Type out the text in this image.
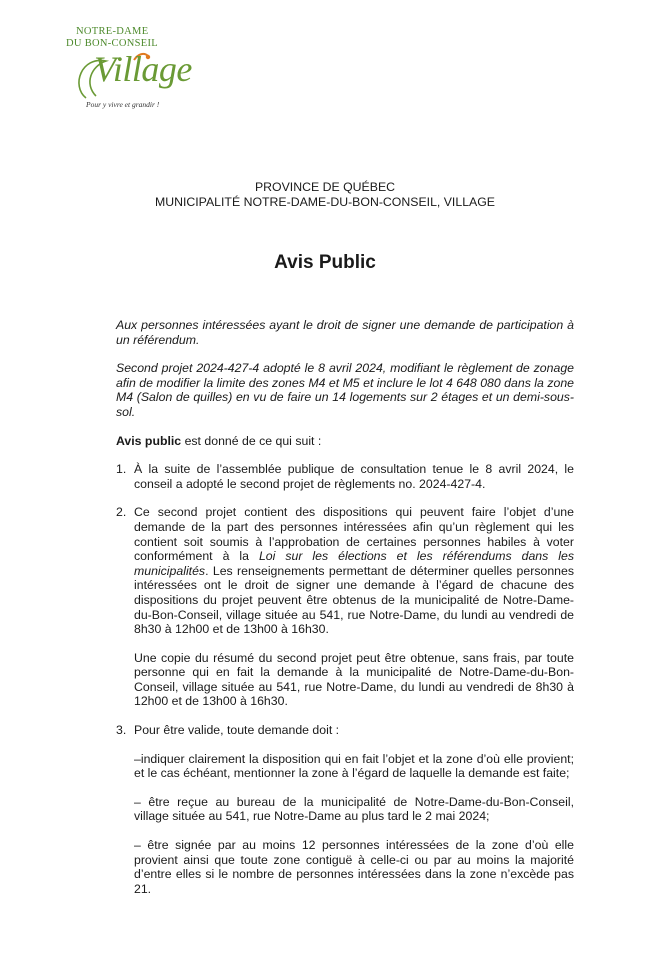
NOTRE-DAME
DU BON-CONSEIL
Village
Pour y vivre et grandir !
PROVINCE DE QUÉBEC
MUNICIPALITÉ NOTRE-DAME-DU-BON-CONSEIL, VILLAGE
Avis Public

Aux personnes intéressées ayant le droit de signer une demande de participation à un référendum.

Second projet 2024-427-4 adopté le 8 avril 2024, modifiant le règlement de zonage afin de modifier la limite des zones M4 et M5 et inclure le lot 4 648 080 dans la zone M4 (Salon de quilles) en vu de faire un 14 logements sur 2 étages et un demi-sous-sol.

Avis public est donné de ce qui suit :

1. À la suite de l’assemblée publique de consultation tenue le 8 avril 2024, le conseil a adopté le second projet de règlements no. 2024-427-4.

2. Ce second projet contient des dispositions qui peuvent faire l’objet d’une demande de la part des personnes intéressées afin qu’un règlement qui les contient soit soumis à l’approbation de certaines personnes habiles à voter conformément à la Loi sur les élections et les référendums dans les municipalités. Les renseignements permettant de déterminer quelles personnes intéressées ont le droit de signer une demande à l’égard de chacune des dispositions du projet peuvent être obtenus de la municipalité de Notre-Dame-du-Bon-Conseil, village située au 541, rue Notre-Dame, du lundi au vendredi de 8h30 à 12h00 et de 13h00 à 16h30.

Une copie du résumé du second projet peut être obtenue, sans frais, par toute personne qui en fait la demande à la municipalité de Notre-Dame-du-Bon-Conseil, village située au 541, rue Notre-Dame, du lundi au vendredi de 8h30 à 12h00 et de 13h00 à 16h30.

3. Pour être valide, toute demande doit :

–indiquer clairement la disposition qui en fait l’objet et la zone d’où elle provient; et le cas échéant, mentionner la zone à l’égard de laquelle la demande est faite;

– être reçue au bureau de la municipalité de Notre-Dame-du-Bon-Conseil, village située au 541, rue Notre-Dame au plus tard le 2 mai 2024;

– être signée par au moins 12 personnes intéressées de la zone d’où elle provient ainsi que toute zone contiguë à celle-ci ou par au moins la majorité d’entre elles si le nombre de personnes intéressées dans la zone n’excède pas 21.
